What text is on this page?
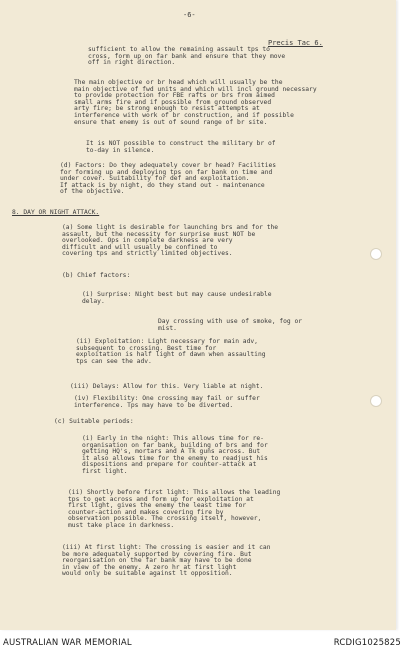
-6-

Precis Tac 6.

sufficient to allow the remaining assault tps to
cross, form up on far bank and ensure that they move
off in right direction.

The main objective or br head which will usually be the
main objective of fwd units and which will incl ground necessary
to provide protection for FBE rafts or brs from aimed
small arms fire and if possible from ground observed
arty fire; be strong enough to resist attempts at
interference with work of br construction, and if possible
ensure that enemy is out of sound range of br site.

It is NOT possible to construct the military br of
to-day in silence.

(d) Factors: Do they adequately cover br head? Facilities
for forming up and deploying tps on far bank on time and
under cover. Suitability for def and exploitation.
If attack is by night, do they stand out - maintenance
of the objective.

8. DAY OR NIGHT ATTACK.

(a) Some light is desirable for launching brs and for the
assault, but the necessity for surprise must NOT be
overlooked. Ops in complete darkness are very
difficult and will usually be confined to
covering tps and strictly limited objectives.

(b) Chief factors:

(i) Surprise: Night best but may cause undesirable
delay.

Day crossing with use of smoke, fog or
mist.

(ii) Exploitation: Light necessary for main adv,
subsequent to crossing. Best time for
exploitation is half light of dawn when assaulting
tps can see the adv.

(iii) Delays: Allow for this. Very liable at night.

(iv) Flexibility: One crossing may fail or suffer
interference. Tps may have to be diverted.

(c) Suitable periods:

(i) Early in the night: This allows time for re-
organisation on far bank, building of brs and for
getting HQ's, mortars and A Tk guns across. But
it also allows time for the enemy to readjust his
dispositions and prepare for counter-attack at
first light.

(ii) Shortly before first light: This allows the leading
tps to get across and form up for exploitation at
first light, gives the enemy the least time for
counter-action and makes covering fire by
observation possible. The crossing itself, however,
must take place in darkness.

(iii) At first light: The crossing is easier and it can
be more adequately supported by covering fire. But
reorganisation on the far bank may have to be done
in view of the enemy. A zero hr at first light
would only be suitable against lt opposition.

AUSTRALIAN WAR MEMORIAL	RCDIG1025825
